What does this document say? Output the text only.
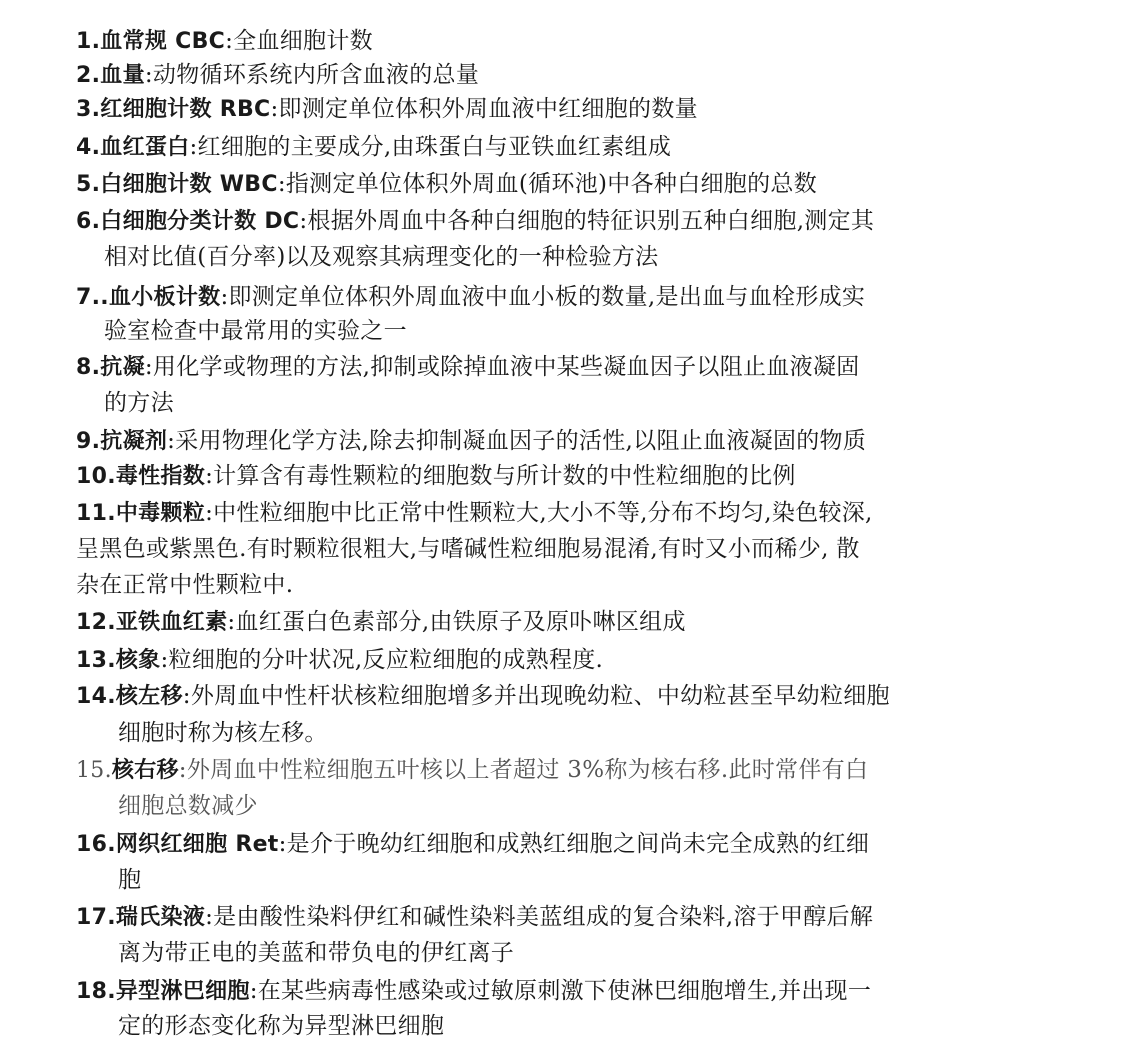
1.血常规 CBC:全血细胞计数
2.血量:动物循环系统内所含血液的总量
3.红细胞计数 RBC:即测定单位体积外周血液中红细胞的数量
4.血红蛋白:红细胞的主要成分,由珠蛋白与亚铁血红素组成
5.白细胞计数 WBC:指测定单位体积外周血(循环池)中各种白细胞的总数
6.白细胞分类计数 DC:根据外周血中各种白细胞的特征识别五种白细胞,测定其
相对比值(百分率)以及观察其病理变化的一种检验方法
7..血小板计数:即测定单位体积外周血液中血小板的数量,是出血与血栓形成实
验室检查中最常用的实验之一
8.抗凝:用化学或物理的方法,抑制或除掉血液中某些凝血因子以阻止血液凝固
的方法
9.抗凝剂:采用物理化学方法,除去抑制凝血因子的活性,以阻止血液凝固的物质
10.毒性指数:计算含有毒性颗粒的细胞数与所计数的中性粒细胞的比例
11.中毒颗粒:中性粒细胞中比正常中性颗粒大,大小不等,分布不均匀,染色较深,
呈黑色或紫黑色.有时颗粒很粗大,与嗜碱性粒细胞易混淆,有时又小而稀少, 散
杂在正常中性颗粒中.
12.亚铁血红素:血红蛋白色素部分,由铁原子及原卟啉区组成
13.核象:粒细胞的分叶状况,反应粒细胞的成熟程度.
14.核左移:外周血中性杆状核粒细胞增多并出现晚幼粒、中幼粒甚至早幼粒细胞
细胞时称为核左移。
15.核右移:外周血中性粒细胞五叶核以上者超过 3%称为核右移.此时常伴有白
细胞总数减少
16.网织红细胞 Ret:是介于晚幼红细胞和成熟红细胞之间尚未完全成熟的红细
胞
17.瑞氏染液:是由酸性染料伊红和碱性染料美蓝组成的复合染料,溶于甲醇后解
离为带正电的美蓝和带负电的伊红离子
18.异型淋巴细胞:在某些病毒性感染或过敏原刺激下使淋巴细胞增生,并出现一
定的形态变化称为异型淋巴细胞
